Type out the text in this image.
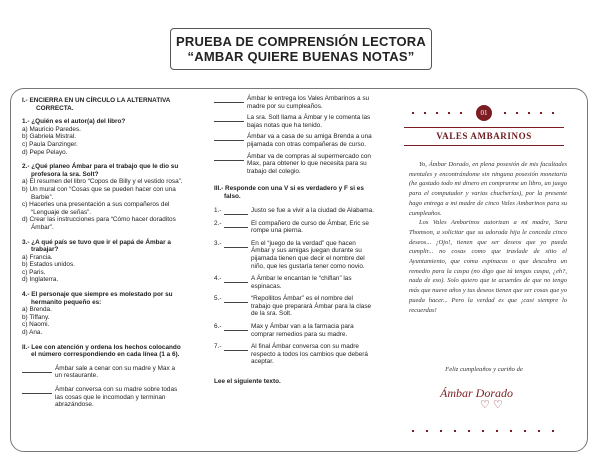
PRUEBA DE COMPRENSIÓN LECTORA
“AMBAR QUIERE BUENAS NOTAS”
I.- ENCIERRA EN UN CÍRCULO LA ALTERNATIVA
CORRECTA.
1.- ¿Quién es el autor(a) del libro?
a) Mauricio Paredes.
b) Gabriela Mistral.
c) Paula Danzinger.
d) Pepe Pelayo.
2.- ¿Qué planeo Ámbar para el trabajo que le dio su
profesora la sra. Solt?
a) El resumen del libro “Copos de Billy y el vestido rosa”.
b) Un mural con “Cosas que se pueden hacer con una
Barbie”.
c) Hacerles una presentación a sus compañeros del
“Lenguaje de señas”.
d) Crear las instrucciones para “Cómo hacer doraditos
Ámbar”.
3.- ¿A qué país se tuvo que ir el papá de Ámbar a
trabajar?
a) Francia.
b) Estados unidos.
c) Paris.
d) Inglaterra.
4.- El personaje que siempre es molestado por su
hermanito pequeño es:
a) Brenda.
b) Tiffany.
c) Naomi.
d) Ana.
II.- Lee con atención y ordena los hechos colocando
el número correspondiendo en cada línea (1 a 6).
Ámbar sale a cenar con su madre y Max a
un restaurante.
Ámbar conversa con su madre sobre todas
las cosas que le incomodan y terminan
abrazándose.
Ámbar le entrega los Vales Ambarinos a su
madre por su cumpleaños.
La sra. Solt llama a Ámbar y le comenta las
bajas notas que ha tenido.
Ámbar va a casa de su amiga Brenda a una
pijamada con otras compañeras de curso.
Ámbar va de compras al supermercado con
Max, para obtener lo que necesita para su
trabajo del colegio.
III.- Responde con una V si es verdadero y F si es
falso.
1.-	Justo se fue a vivir a la ciudad de Alabama.
2.-	El compañero de curso de Ámbar, Eric se
rompe una pierna.
3.-	En el “juego de la verdad” que hacen
Ámbar y sus amigas juegan durante su
pijamada tienen que decir el nombre del
niño, que les gustaría tener como novio.
4.-	A Ámbar le encantan le “chiflan” las
espinacas.
5.-	“Repollitos Ámbar” es el nombre del
trabajo que prepararà Ámbar para la clase
de la sra. Solt.
6.-	Max y Ámbar van a la farmacia para
comprar remedios para su madre.
7.-	Al final Ámbar conversa con su madre
respecto a todos los cambios que deberá
aceptar.
Lee el siguiente texto.
01
VALES AMBARINOS

Yo, Ámbar Dorado, en plena posesión de mis facultades mentales y encontrándome sin ninguna posesión monetaria (he gastado todo mi dinero en comprarme un libro, un juego para el computador y varias chucherías), por la presente hago entrega a mi madre de cinco Vales Ambarinos para su cumpleaños.

Los Vales Ambarinos autorizan a mi madre, Sara Thomson, a solicitar que su adorada hija le conceda cinco deseos... ¡Ojo!, tienen que ser deseos que yo pueda cumplir... no cosas como que traslade de sitio el Ayuntamiento, que coma espinacas o que descubra un remedio para la caspa (no digo que tú tengas caspa, ¿eh?, nada de eso). Solo quiero que te acuerdes de que no tengo más que nueve años y tus deseos tienen que ser cosas que yo pueda hacer... Pero la verdad es que ¡casi siempre lo recuerdas!

Feliz cumpleaños y cariño de
Ámbar Dorado
♡ ♡
